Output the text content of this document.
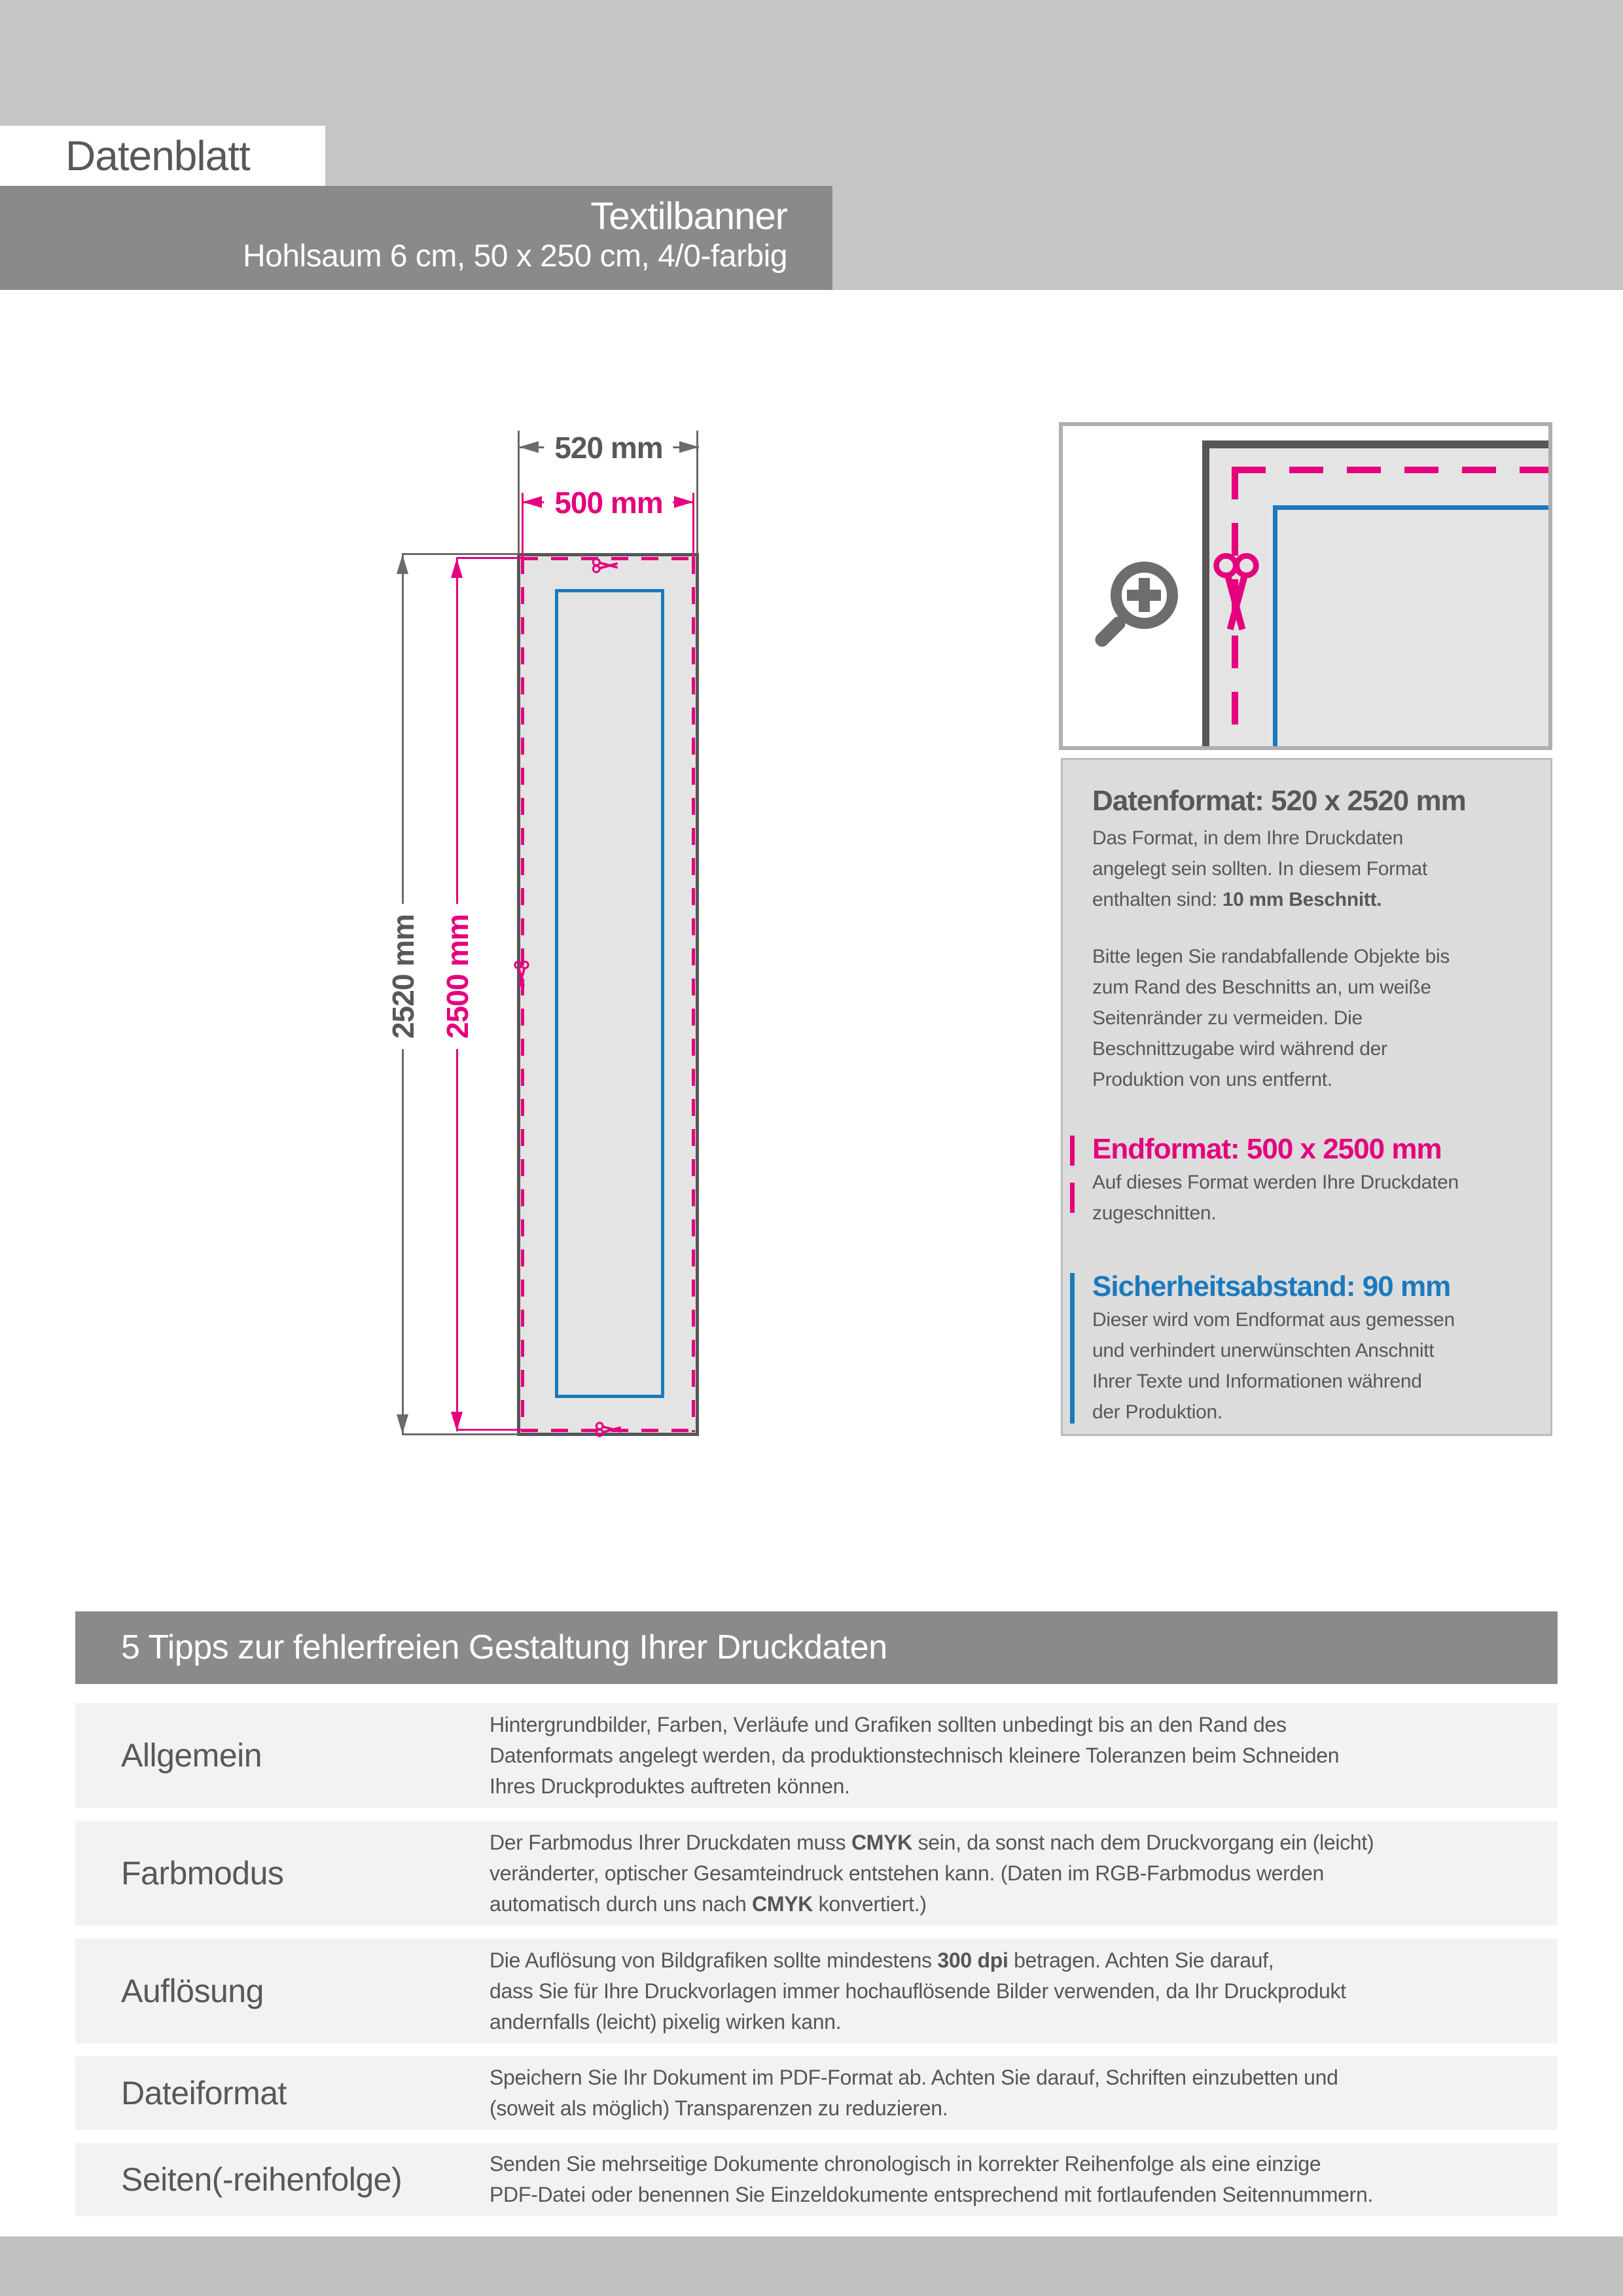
Datenblatt
Textilbanner
Hohlsaum 6 cm, 50 x 250 cm, 4/0-farbig
520 mm
500 mm
2520 mm 2500 mm
Datenformat: 520 x 2520 mm
Das Format, in dem Ihre Druckdaten
angelegt sein sollten. In diesem Format
enthalten sind: 10 mm Beschnitt.
Bitte legen Sie randabfallende Objekte bis
zum Rand des Beschnitts an, um weiße
Seitenränder zu vermeiden. Die
Beschnittzugabe wird während der
Produktion von uns entfernt.
Endformat: 500 x 2500 mm
Auf dieses Format werden Ihre Druckdaten
zugeschnitten.
Sicherheitsabstand: 90 mm
Dieser wird vom Endformat aus gemessen
und verhindert unerwünschten Anschnitt
Ihrer Texte und Informationen während
der Produktion.
5 Tipps zur fehlerfreien Gestaltung Ihrer Druckdaten
Allgemein
Hintergrundbilder, Farben, Verläufe und Grafiken sollten unbedingt bis an den Rand des
Datenformats angelegt werden, da produktionstechnisch kleinere Toleranzen beim Schneiden
Ihres Druckproduktes auftreten können.
Farbmodus
Der Farbmodus Ihrer Druckdaten muss CMYK sein, da sonst nach dem Druckvorgang ein (leicht)
veränderter, optischer Gesamteindruck entstehen kann. (Daten im RGB-Farbmodus werden
automatisch durch uns nach CMYK konvertiert.)
Auflösung
Die Auflösung von Bildgrafiken sollte mindestens 300 dpi betragen. Achten Sie darauf,
dass Sie für Ihre Druckvorlagen immer hochauflösende Bilder verwenden, da Ihr Druckprodukt
andernfalls (leicht) pixelig wirken kann.
Dateiformat	Speichern Sie Ihr Dokument im PDF-Format ab. Achten Sie darauf, Schriften einzubetten und
(soweit als möglich) Transparenzen zu reduzieren.
Seiten(-reihenfolge)	Senden Sie mehrseitige Dokumente chronologisch in korrekter Reihenfolge als eine einzige
PDF-Datei oder benennen Sie Einzeldokumente entsprechend mit fortlaufenden Seitennummern.
